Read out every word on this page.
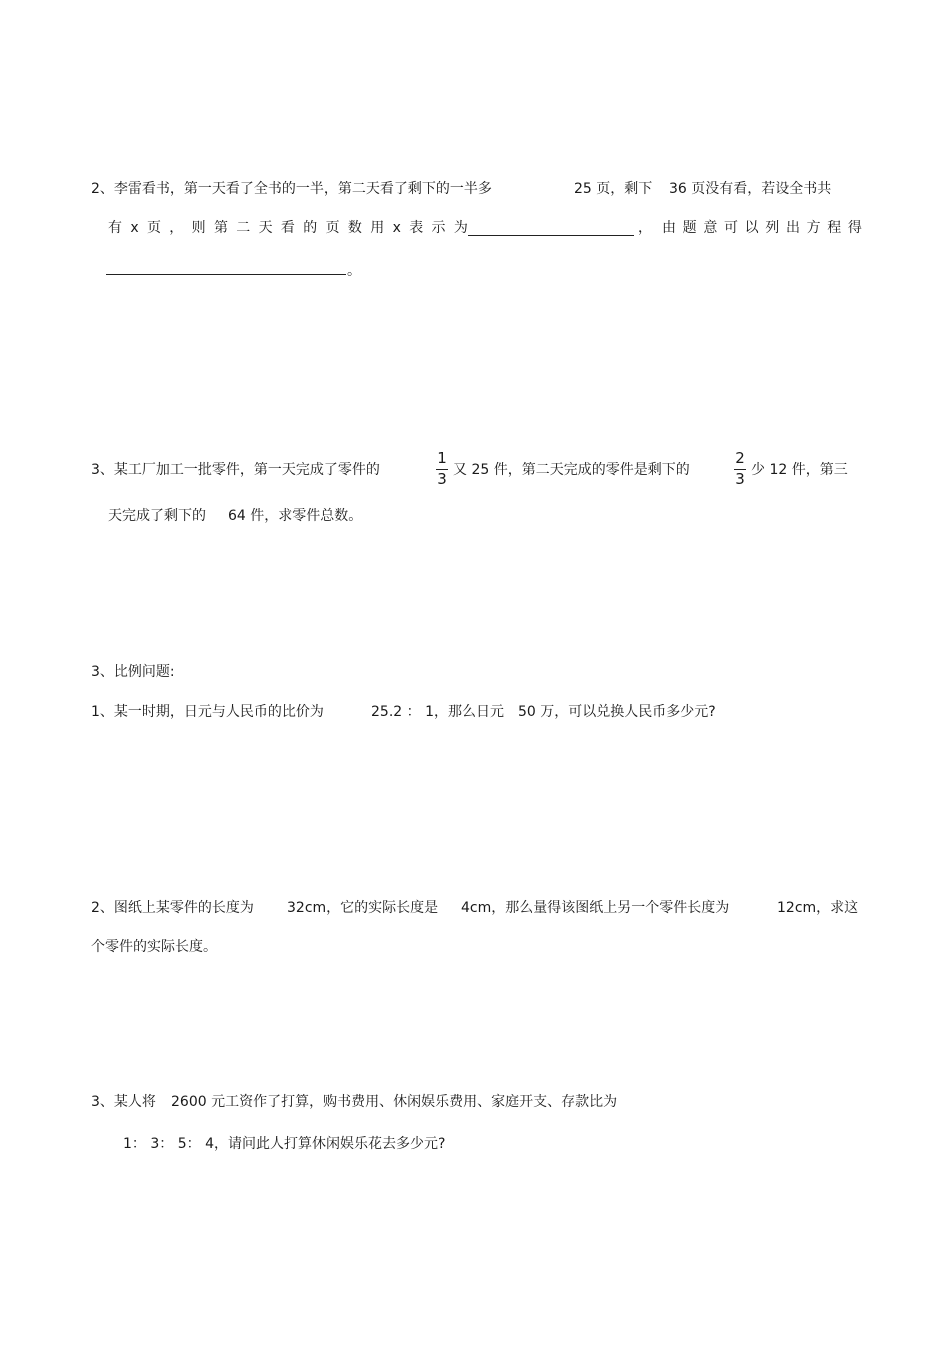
2、李雷看书，第一天看了全书的一半，第二天看了剩下的一半多	25 页，剩下 36 页没有看，若设全书共
有 x 页 ， 则 第 二 天 看 的 页 数 用 x 表 示 为	， 由 题 意 可 以 列 出 方 程 得
。
3、某工厂加工一批零件，第一天完成了零件的
1
3 又 25 件，第二天完成的零件是剩下的
2
3 少 12 件，第三
天完成了剩下的 64 件，求零件总数。
3、比例问题:
1、某一时期，日元与人民币的比价为	25.2 ： 1，那么日元 50 万，可以兑换人民币多少元?
2、图纸上某零件的长度为 32cm，它的实际长度是 4cm，那么量得该图纸上另一个零件长度为	12cm，求这
个零件的实际长度。
3、某人将 2600 元工资作了打算，购书费用、休闲娱乐费用、家庭开支、存款比为
1： 3： 5： 4，请问此人打算休闲娱乐花去多少元?
